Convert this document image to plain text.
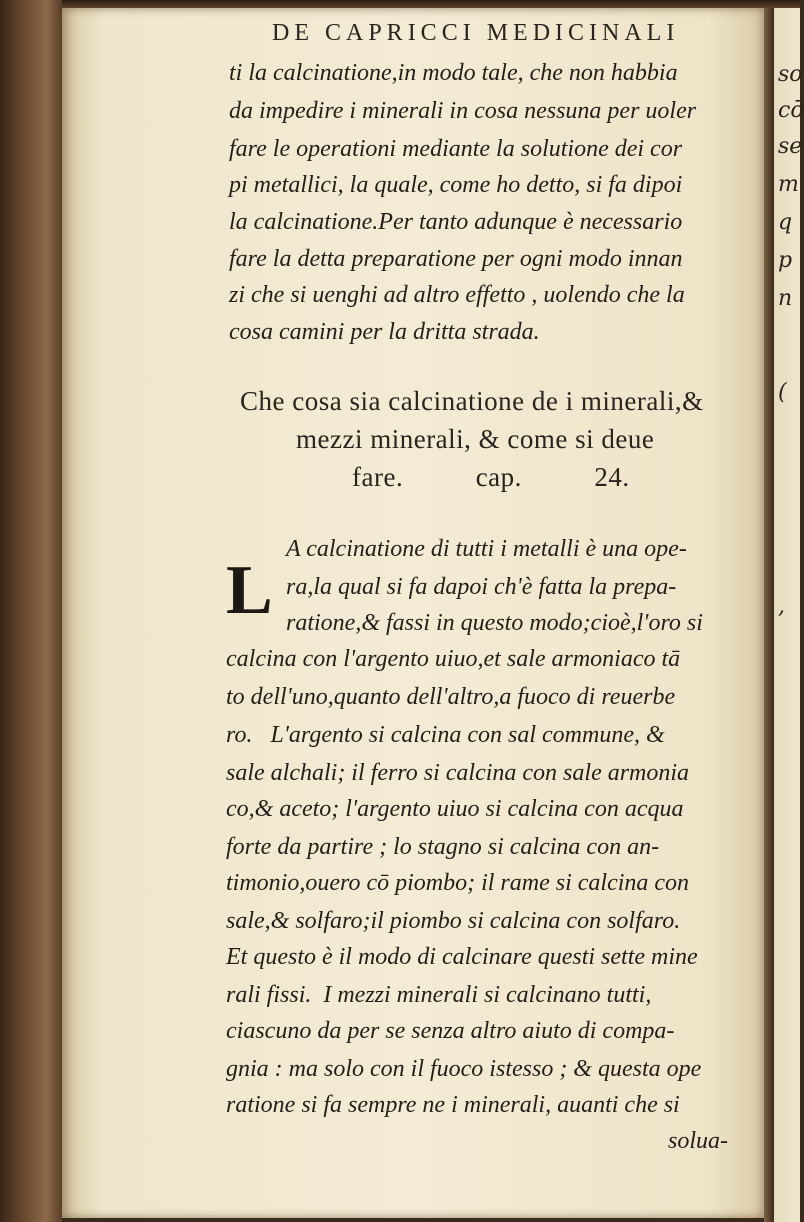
so
cō
se
m
q
p
n
(
,
DE CAPRICCI MEDICINALI
ti la calcinatione,in modo tale, che non habbia
da impedire i minerali in cosa nessuna per uoler
fare le operationi mediante la solutione dei cor
pi metallici, la quale, come ho detto, si fa dipoi
la calcinatione.Per tanto adunque è necessario
fare la detta preparatione per ogni modo innan
zi che si uenghi ad altro effetto , uolendo che la
cosa camini per la dritta strada.
Che cosa sia calcinatione de i minerali,&
mezzi minerali, & come si deue
fare.          cap.          24.
L
A calcinatione di tutti i metalli è una ope-
ra,la qual si fa dapoi ch'è fatta la prepa-
ratione,& fassi in questo modo;cioè,l'oro si
calcina con l'argento uiuo,et sale armoniaco tā
to dell'uno,quanto dell'altro,a fuoco di reuerbe
ro.   L'argento si calcina con sal commune, &
sale alchali; il ferro si calcina con sale armonia
co,& aceto; l'argento uiuo si calcina con acqua
forte da partire ; lo stagno si calcina con an-
timonio,ouero cō piombo; il rame si calcina con
sale,& solfaro;il piombo si calcina con solfaro.
Et questo è il modo di calcinare questi sette mine
rali fissi.  I mezzi minerali si calcinano tutti,
ciascuno da per se senza altro aiuto di compa-
gnia : ma solo con il fuoco istesso ; & questa ope
ratione si fa sempre ne i minerali, auanti che si
solua-
